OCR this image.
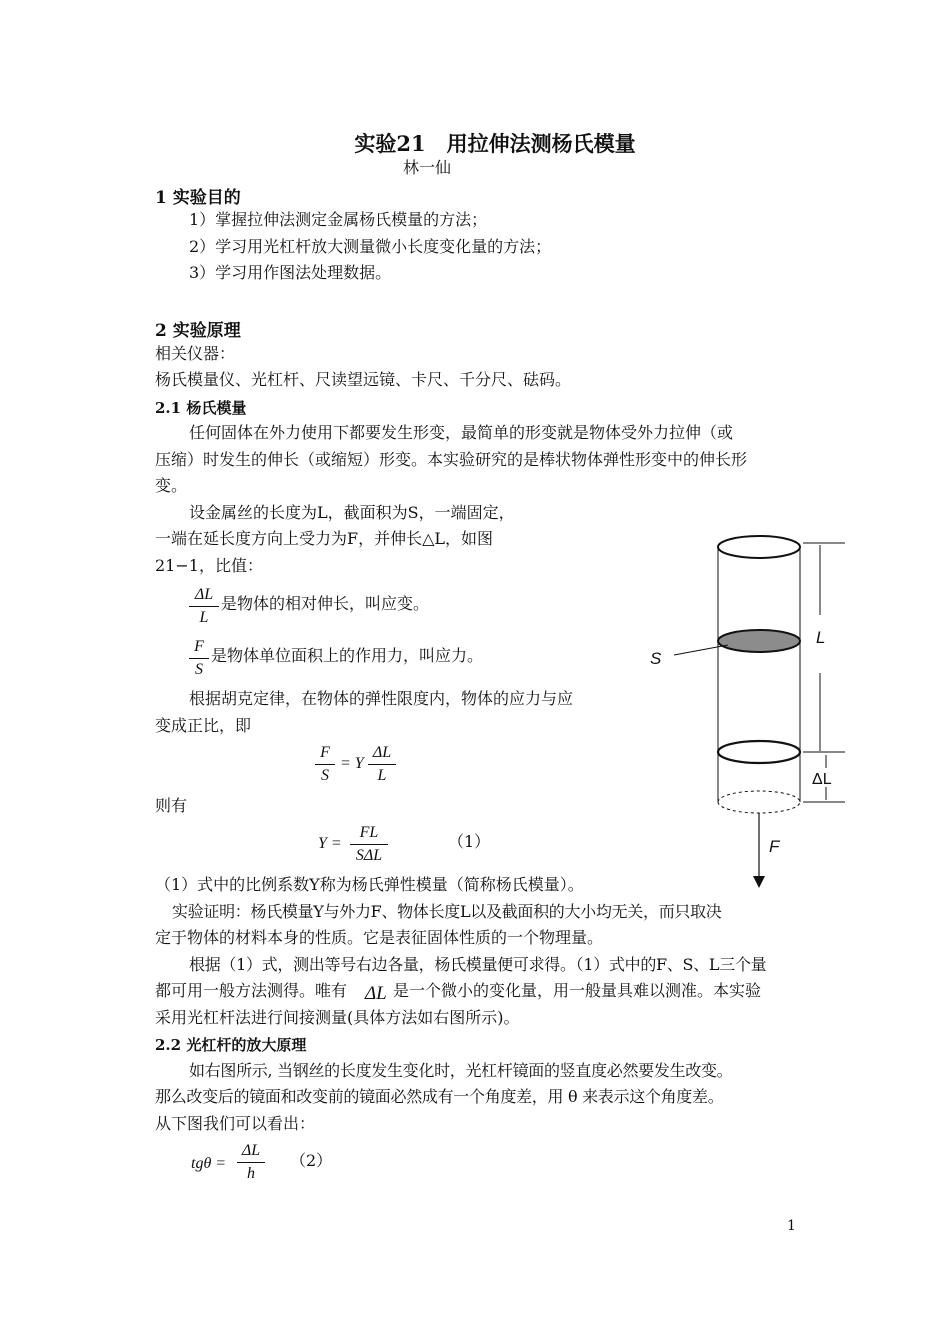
实验21　用拉伸法测杨氏模量
林一仙
1 实验目的
1）掌握拉伸法测定金属杨氏模量的方法；
2）学习用光杠杆放大测量微小长度变化量的方法；
3）学习用作图法处理数据。
2 实验原理
相关仪器：
杨氏模量仪、光杠杆、尺读望远镜、卡尺、千分尺、砝码。
2.1 杨氏模量
任何固体在外力使用下都要发生形变，最简单的形变就是物体受外力拉伸（或
压缩）时发生的伸长（或缩短）形变。本实验研究的是棒状物体弹性形变中的伸长形
变。
设金属丝的长度为L，截面积为S，一端固定，
一端在延长度方向上受力为F，并伸长△L，如图
21−1，比值：
ΔL
L
是物体的相对伸长，叫应变。
F
S
是物体单位面积上的作用力，叫应力。
根据胡克定律，在物体的弹性限度内，物体的应力与应
变成正比，即
F
S
= Y
ΔL
L
则有
Y =
FL
SΔL
（1）
（1）式中的比例系数Y称为杨氏弹性模量（简称杨氏模量）。
实验证明：杨氏模量Y与外力F、物体长度L以及截面积的大小均无关，而只取决
定于物体的材料本身的性质。它是表征固体性质的一个物理量。
根据（1）式，测出等号右边各量，杨氏模量便可求得。（1）式中的F、S、L三个量
都可用一般方法测得。唯有 ΔL 是一个微小的变化量，用一般量具难以测准。本实验
采用光杠杆法进行间接测量(具体方法如右图所示)。
2.2 光杠杆的放大原理
如右图所示, 当钢丝的长度发生变化时，光杠杆镜面的竖直度必然要发生改变。
那么改变后的镜面和改变前的镜面必然成有一个角度差，用 θ 来表示这个角度差。
从下图我们可以看出：
tgθ =
ΔL
h
（2）
S
L
ΔL
F
1
